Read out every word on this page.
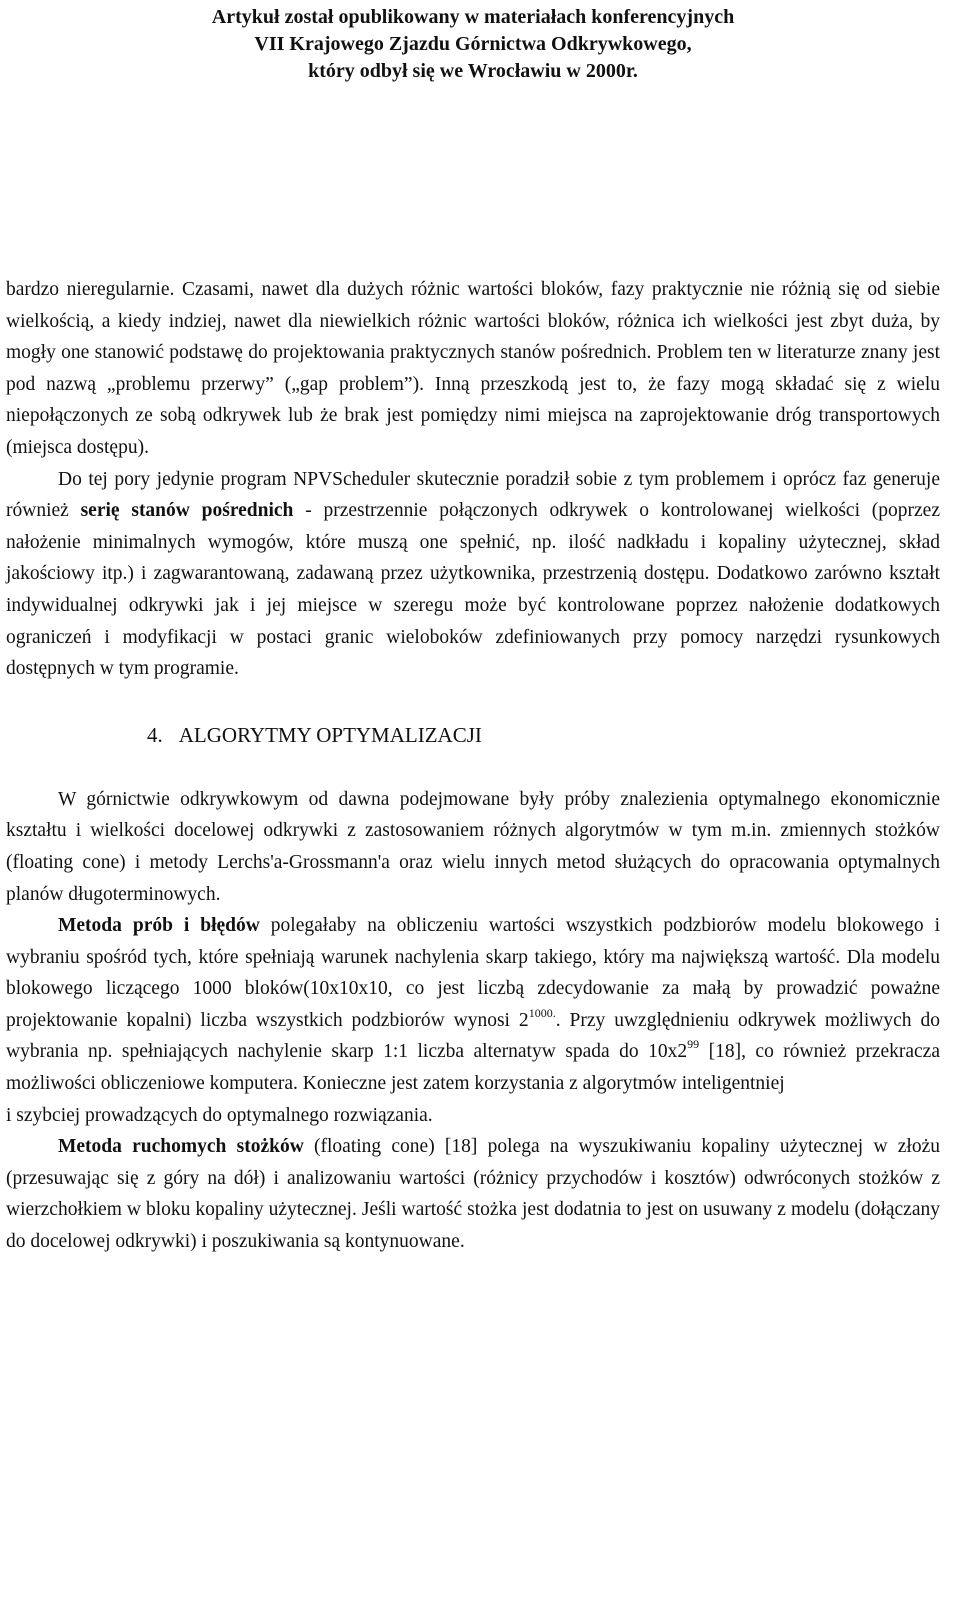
Artykuł został opublikowany w materiałach konferencyjnych
VII Krajowego Zjazdu Górnictwa Odkrywkowego,
który odbył się we Wrocławiu w 2000r.

bardzo nieregularnie. Czasami, nawet dla dużych różnic wartości bloków, fazy praktycznie nie różnią się od siebie wielkością, a kiedy indziej, nawet dla niewielkich różnic wartości bloków, różnica ich wielkości jest zbyt duża, by mogły one stanowić podstawę do projektowania praktycznych stanów pośrednich. Problem ten w literaturze znany jest pod nazwą „problemu przerwy” („gap problem”). Inną przeszkodą jest to, że fazy mogą składać się z wielu niepołączonych ze sobą odkrywek lub że brak jest pomiędzy nimi miejsca na zaprojektowanie dróg transportowych (miejsca dostępu).

Do tej pory jedynie program NPVScheduler skutecznie poradził sobie z tym problemem i oprócz faz generuje również serię stanów pośrednich - przestrzennie połączonych odkrywek o kontrolowanej wielkości (poprzez nałożenie minimalnych wymogów, które muszą one spełnić, np. ilość nadkładu i kopaliny użytecznej, skład jakościowy itp.) i zagwarantowaną, zadawaną przez użytkownika, przestrzenią dostępu. Dodatkowo zarówno kształt indywidualnej odkrywki jak i jej miejsce w szeregu może być kontrolowane poprzez nałożenie dodatkowych ograniczeń i modyfikacji w postaci granic wieloboków zdefiniowanych przy pomocy narzędzi rysunkowych dostępnych w tym programie.

4. ALGORYTMY OPTYMALIZACJI

W górnictwie odkrywkowym od dawna podejmowane były próby znalezienia optymalnego ekonomicznie kształtu i wielkości docelowej odkrywki z zastosowaniem różnych algorytmów w tym m.in. zmiennych stożków (floating cone) i metody Lerchs'a-Grossmann'a oraz wielu innych metod służących do opracowania optymalnych planów długoterminowych.

Metoda prób i błędów polegałaby na obliczeniu wartości wszystkich podzbiorów modelu blokowego i wybraniu spośród tych, które spełniają warunek nachylenia skarp takiego, który ma największą wartość. Dla modelu blokowego liczącego 1000 bloków(10x10x10, co jest liczbą zdecydowanie za małą by prowadzić poważne projektowanie kopalni) liczba wszystkich podzbiorów wynosi $2^{1000.}$. Przy uwzględnieniu odkrywek możliwych do wybrania np. spełniających nachylenie skarp 1:1 liczba alternatyw spada do $10x2^{99}$ [18], co również przekracza możliwości obliczeniowe komputera. Konieczne jest zatem korzystania z algorytmów inteligentniej

i szybciej prowadzących do optymalnego rozwiązania.

Metoda ruchomych stożków (floating cone) [18] polega na wyszukiwaniu kopaliny użytecznej w złożu (przesuwając się z góry na dół) i analizowaniu wartości (różnicy przychodów i kosztów) odwróconych stożków z wierzchołkiem w bloku kopaliny użytecznej. Jeśli wartość stożka jest dodatnia to jest on usuwany z modelu (dołączany do docelowej odkrywki) i poszukiwania są kontynuowane.
